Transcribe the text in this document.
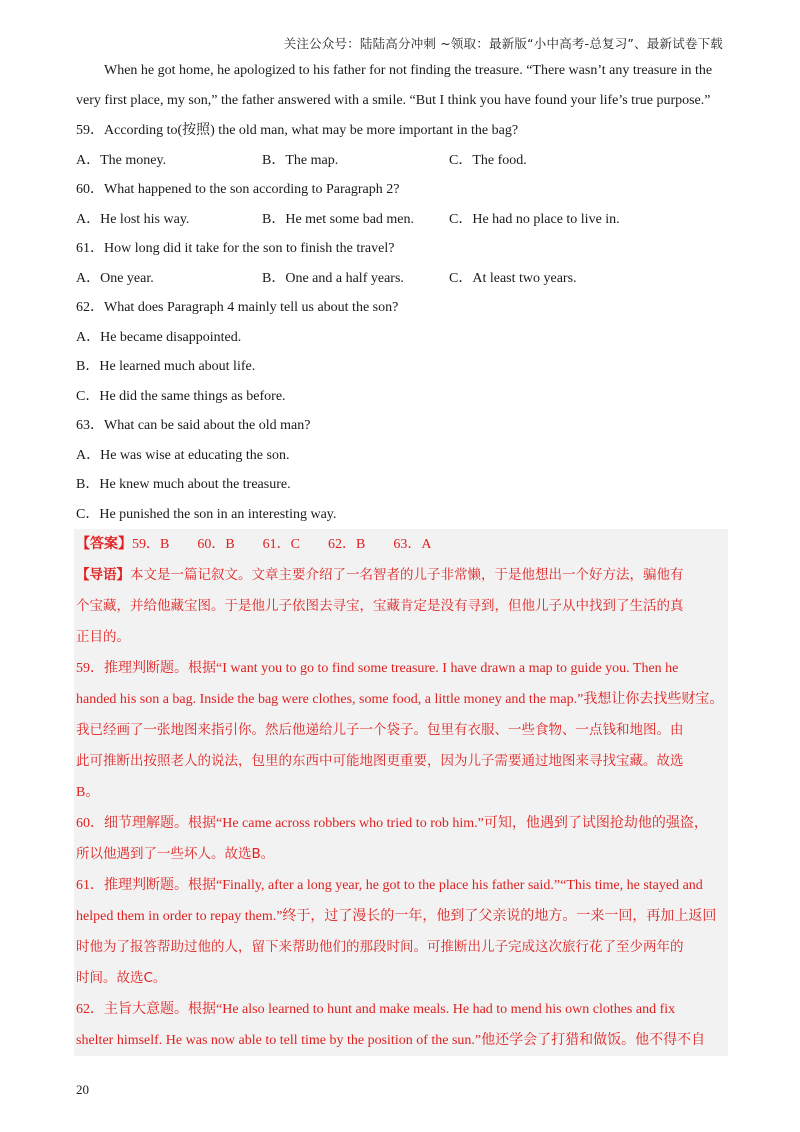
关注公众号：陆陆高分冲刺 ~领取：最新版“小中高考-总复习”、最新试卷下载
When he got home, he apologized to his father for not finding the treasure. “There wasn’t any treasure in the
very first place, my son,” the father answered with a smile. “But I think you have found your life’s true purpose.”
59．According to(按照) the old man, what may be more important in the bag?
A．The money.	B．The map.	C．The food.
60．What happened to the son according to Paragraph 2?
A．He lost his way.	B．He met some bad men.	C．He had no place to live in.
61．How long did it take for the son to finish the travel?
A．One year.	B．One and a half years.	C．At least two years.
62．What does Paragraph 4 mainly tell us about the son?
A．He became disappointed.
B．He learned much about life.
C．He did the same things as before.
63．What can be said about the old man?
A．He was wise at educating the son.
B．He knew much about the treasure.
C．He punished the son in an interesting way.
【答案】59．B　　60．B　　61．C　　62．B　　63．A
【导语】本文是一篇记叙文。文章主要介绍了一名智者的儿子非常懒，于是他想出一个好方法，骗他有
个宝藏，并给他藏宝图。于是他儿子依图去寻宝，宝藏肯定是没有寻到，但他儿子从中找到了生活的真
正目的。
59．推理判断题。根据“I want you to go to find some treasure. I have drawn a map to guide you. Then he
handed his son a bag. Inside the bag were clothes, some food, a little money and the map.”我想让你去找些财宝。
我已经画了一张地图来指引你。然后他递给儿子一个袋子。包里有衣服、一些食物、一点钱和地图。由
此可推断出按照老人的说法，包里的东西中可能地图更重要，因为儿子需要通过地图来寻找宝藏。故选
B。
60．细节理解题。根据“He came across robbers who tried to rob him.”可知，他遇到了试图抢劫他的强盗，
所以他遇到了一些坏人。故选B。
61．推理判断题。根据“Finally, after a long year, he got to the place his father said.”“This time, he stayed and
helped them in order to repay them.”终于，过了漫长的一年，他到了父亲说的地方。一来一回，再加上返回
时他为了报答帮助过他的人，留下来帮助他们的那段时间。可推断出儿子完成这次旅行花了至少两年的
时间。故选C。
62．主旨大意题。根据“He also learned to hunt and make meals. He had to mend his own clothes and fix
shelter himself. He was now able to tell time by the position of the sun.”他还学会了打猎和做饭。他不得不自
20
